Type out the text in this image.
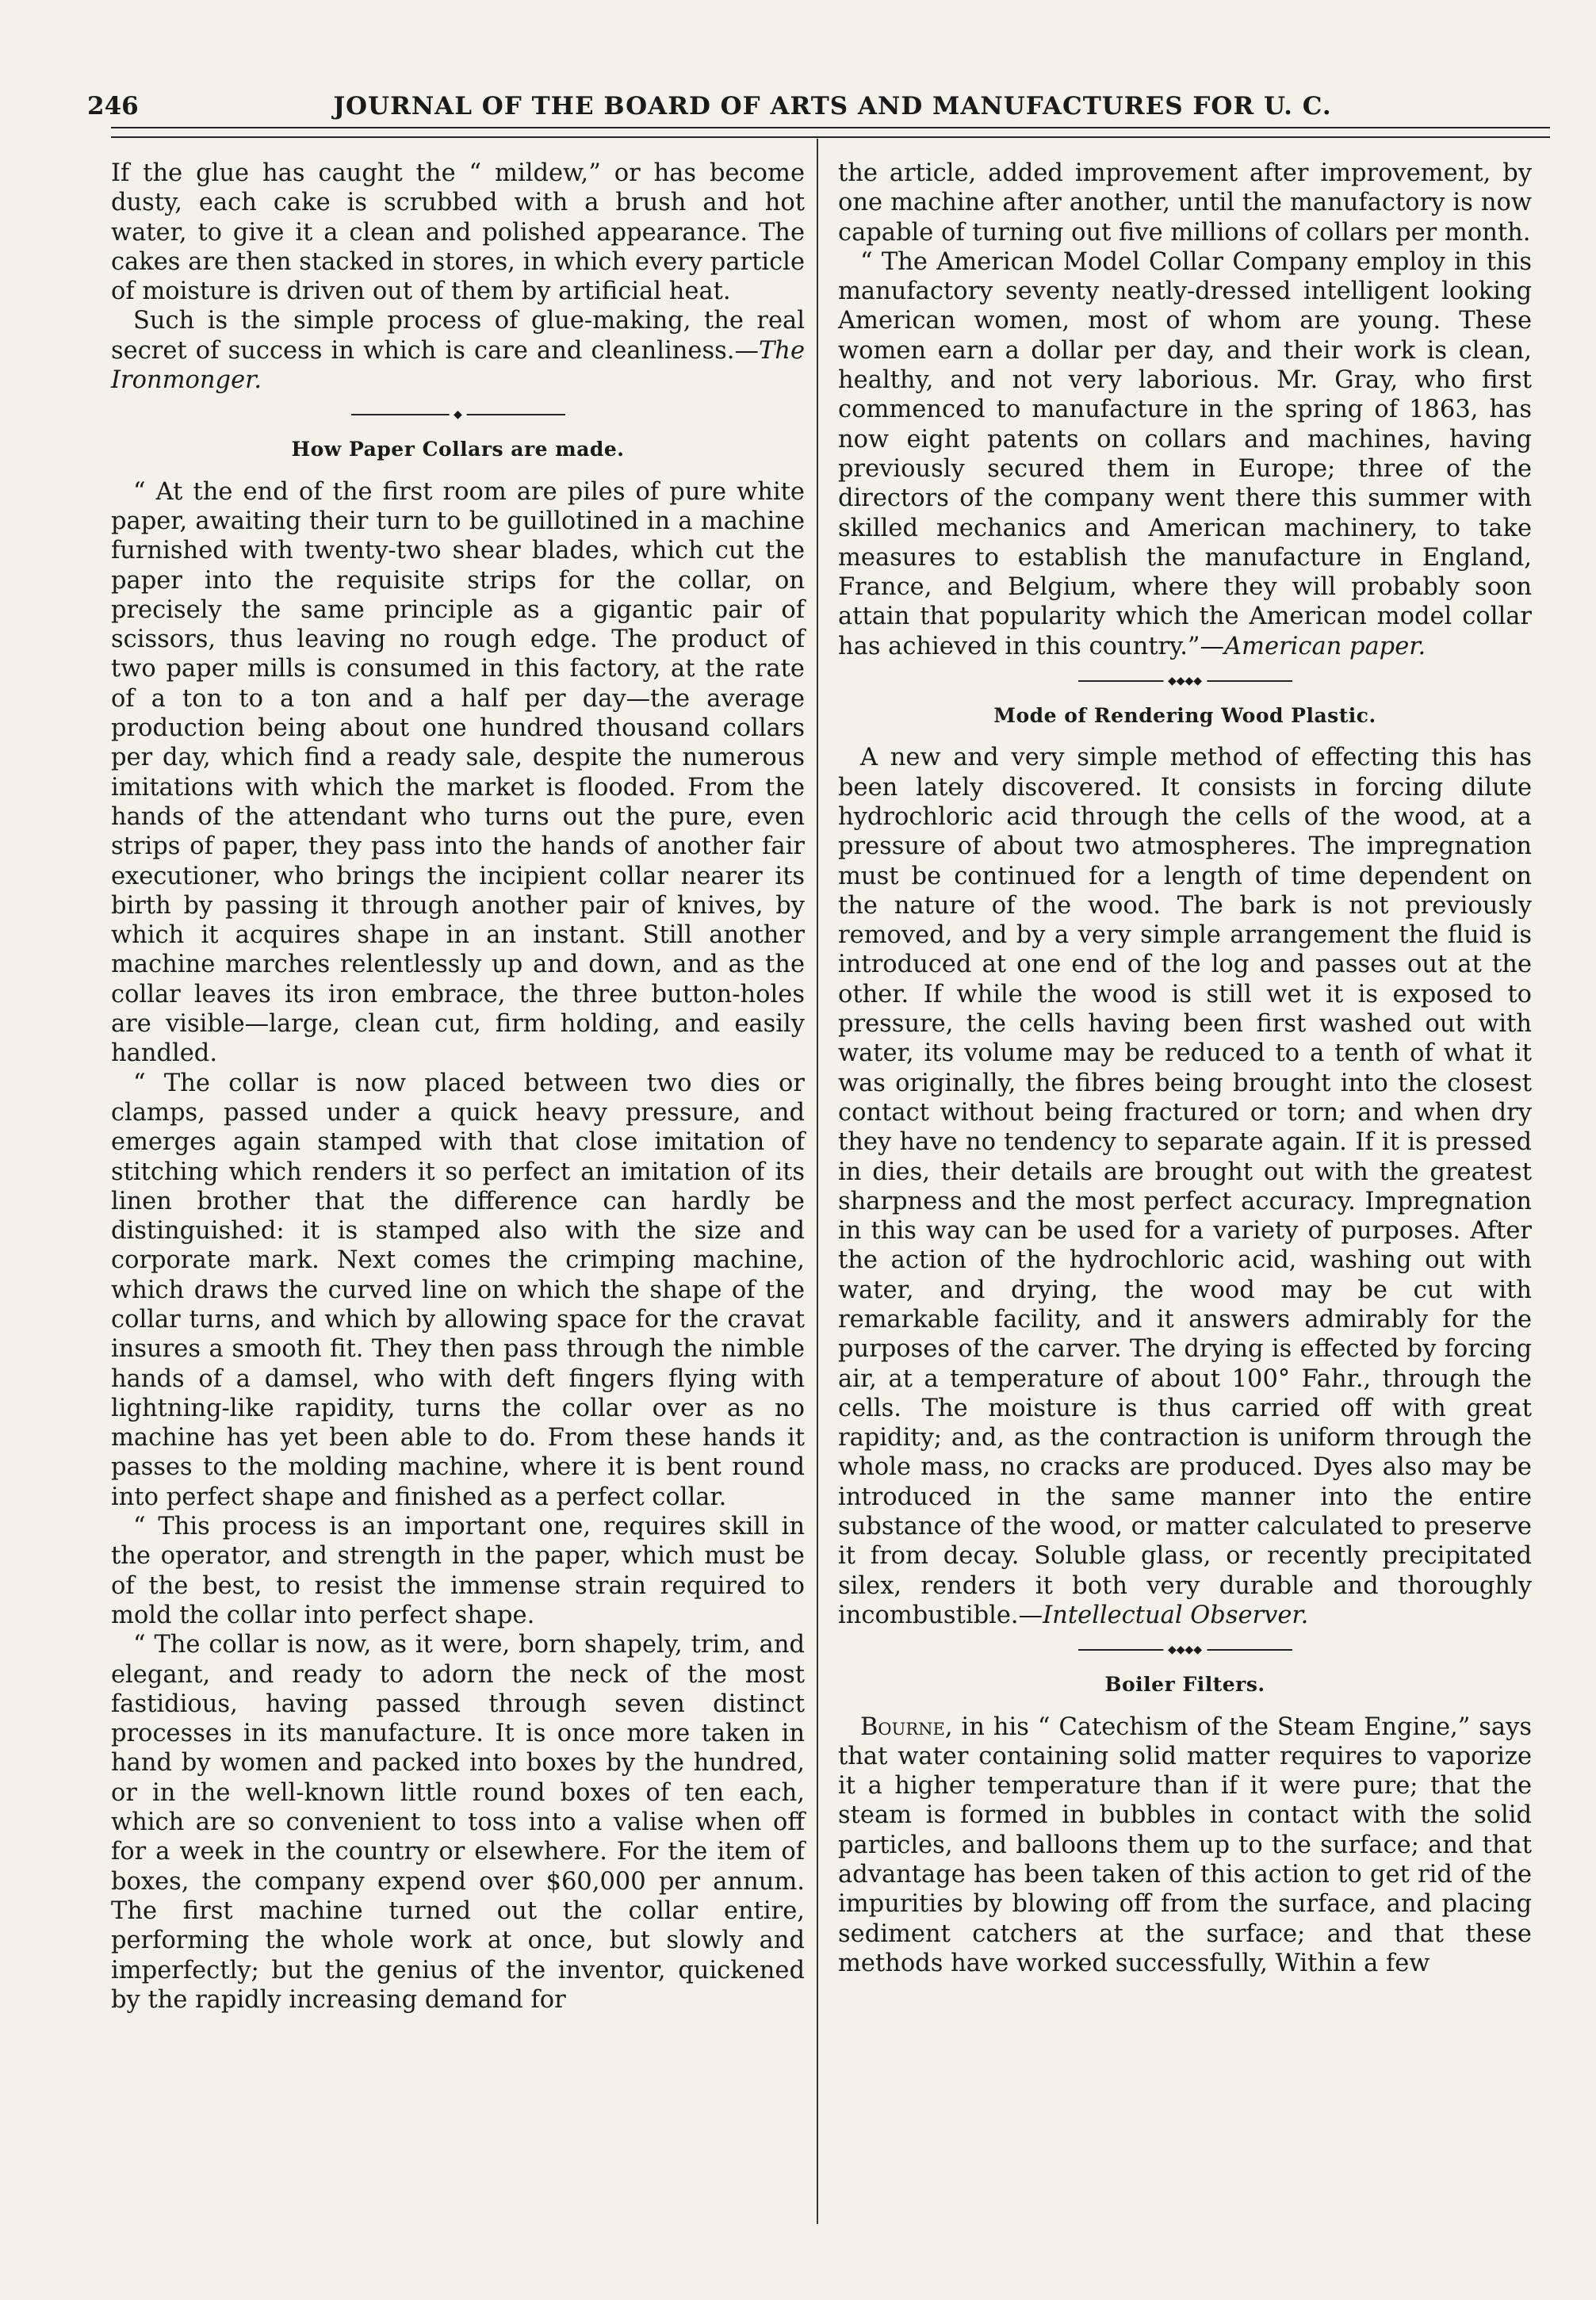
246	JOURNAL OF THE BOARD OF ARTS AND MANUFACTURES FOR U. C.

If the glue has caught the “ mildew,” or has become dusty, each cake is scrubbed with a brush and hot water, to give it a clean and polished appearance. The cakes are then stacked in stores, in which every particle of moisture is driven out of them by artificial heat.

Such is the simple process of glue-making, the real secret of success in which is care and cleanliness.—The Ironmonger.

◆
How Paper Collars are made.

“ At the end of the first room are piles of pure white paper, awaiting their turn to be guillotined in a machine furnished with twenty-two shear blades, which cut the paper into the requisite strips for the collar, on precisely the same principle as a gigantic pair of scissors, thus leaving no rough edge. The product of two paper mills is consumed in this factory, at the rate of a ton to a ton and a half per day—the average production being about one hundred thousand collars per day, which find a ready sale, despite the numerous imitations with which the market is flooded. From the hands of the attendant who turns out the pure, even strips of paper, they pass into the hands of another fair executioner, who brings the incipient collar nearer its birth by passing it through another pair of knives, by which it acquires shape in an instant. Still another machine marches relentlessly up and down, and as the collar leaves its iron embrace, the three button-holes are visible—large, clean cut, firm holding, and easily handled.

“ The collar is now placed between two dies or clamps, passed under a quick heavy pressure, and emerges again stamped with that close imitation of stitching which renders it so perfect an imitation of its linen brother that the difference can hardly be distinguished: it is stamped also with the size and corporate mark. Next comes the crimping machine, which draws the curved line on which the shape of the collar turns, and which by allowing space for the cravat insures a smooth fit. They then pass through the nimble hands of a damsel, who with deft fingers flying with lightning-like rapidity, turns the collar over as no machine has yet been able to do. From these hands it passes to the molding machine, where it is bent round into perfect shape and finished as a perfect collar.

“ This process is an important one, requires skill in the operator, and strength in the paper, which must be of the best, to resist the immense strain required to mold the collar into perfect shape.

“ The collar is now, as it were, born shapely, trim, and elegant, and ready to adorn the neck of the most fastidious, having passed through seven distinct processes in its manufacture. It is once more taken in hand by women and packed into boxes by the hundred, or in the well-known little round boxes of ten each, which are so convenient to toss into a valise when off for a week in the country or elsewhere. For the item of boxes, the company expend over $60,000 per annum. The first machine turned out the collar entire, performing the whole work at once, but slowly and imperfectly; but the genius of the inventor, quickened by the rapidly increasing demand for

the article, added improvement after improvement, by one machine after another, until the manufactory is now capable of turning out five millions of collars per month.

“ The American Model Collar Company employ in this manufactory seventy neatly-dressed intelligent looking American women, most of whom are young. These women earn a dollar per day, and their work is clean, healthy, and not very laborious. Mr. Gray, who first commenced to manufacture in the spring of 1863, has now eight patents on collars and machines, having previously secured them in Europe; three of the directors of the company went there this summer with skilled mechanics and American machinery, to take measures to establish the manufacture in England, France, and Belgium, where they will probably soon attain that popularity which the American model collar has achieved in this country.”—American paper.

◆◆◆◆
Mode of Rendering Wood Plastic.

A new and very simple method of effecting this has been lately discovered. It consists in forcing dilute hydrochloric acid through the cells of the wood, at a pressure of about two atmospheres. The impregnation must be continued for a length of time dependent on the nature of the wood. The bark is not previously removed, and by a very simple arrangement the fluid is introduced at one end of the log and passes out at the other. If while the wood is still wet it is exposed to pressure, the cells having been first washed out with water, its volume may be reduced to a tenth of what it was originally, the fibres being brought into the closest contact without being fractured or torn; and when dry they have no tendency to separate again. If it is pressed in dies, their details are brought out with the greatest sharpness and the most perfect accuracy. Impregnation in this way can be used for a variety of purposes. After the action of the hydrochloric acid, washing out with water, and drying, the wood may be cut with remarkable facility, and it answers admirably for the purposes of the carver. The drying is effected by forcing air, at a temperature of about 100° Fahr., through the cells. The moisture is thus carried off with great rapidity; and, as the contraction is uniform through the whole mass, no cracks are produced. Dyes also may be introduced in the same manner into the entire substance of the wood, or matter calculated to preserve it from decay. Soluble glass, or recently precipitated silex, renders it both very durable and thoroughly incombustible.—Intellectual Observer.

◆◆◆◆
Boiler Filters.

Bourne, in his “ Catechism of the Steam Engine,” says that water containing solid matter requires to vaporize it a higher temperature than if it were pure; that the steam is formed in bubbles in contact with the solid particles, and balloons them up to the surface; and that advantage has been taken of this action to get rid of the impurities by blowing off from the surface, and placing sediment catchers at the surface; and that these methods have worked successfully, Within a few
